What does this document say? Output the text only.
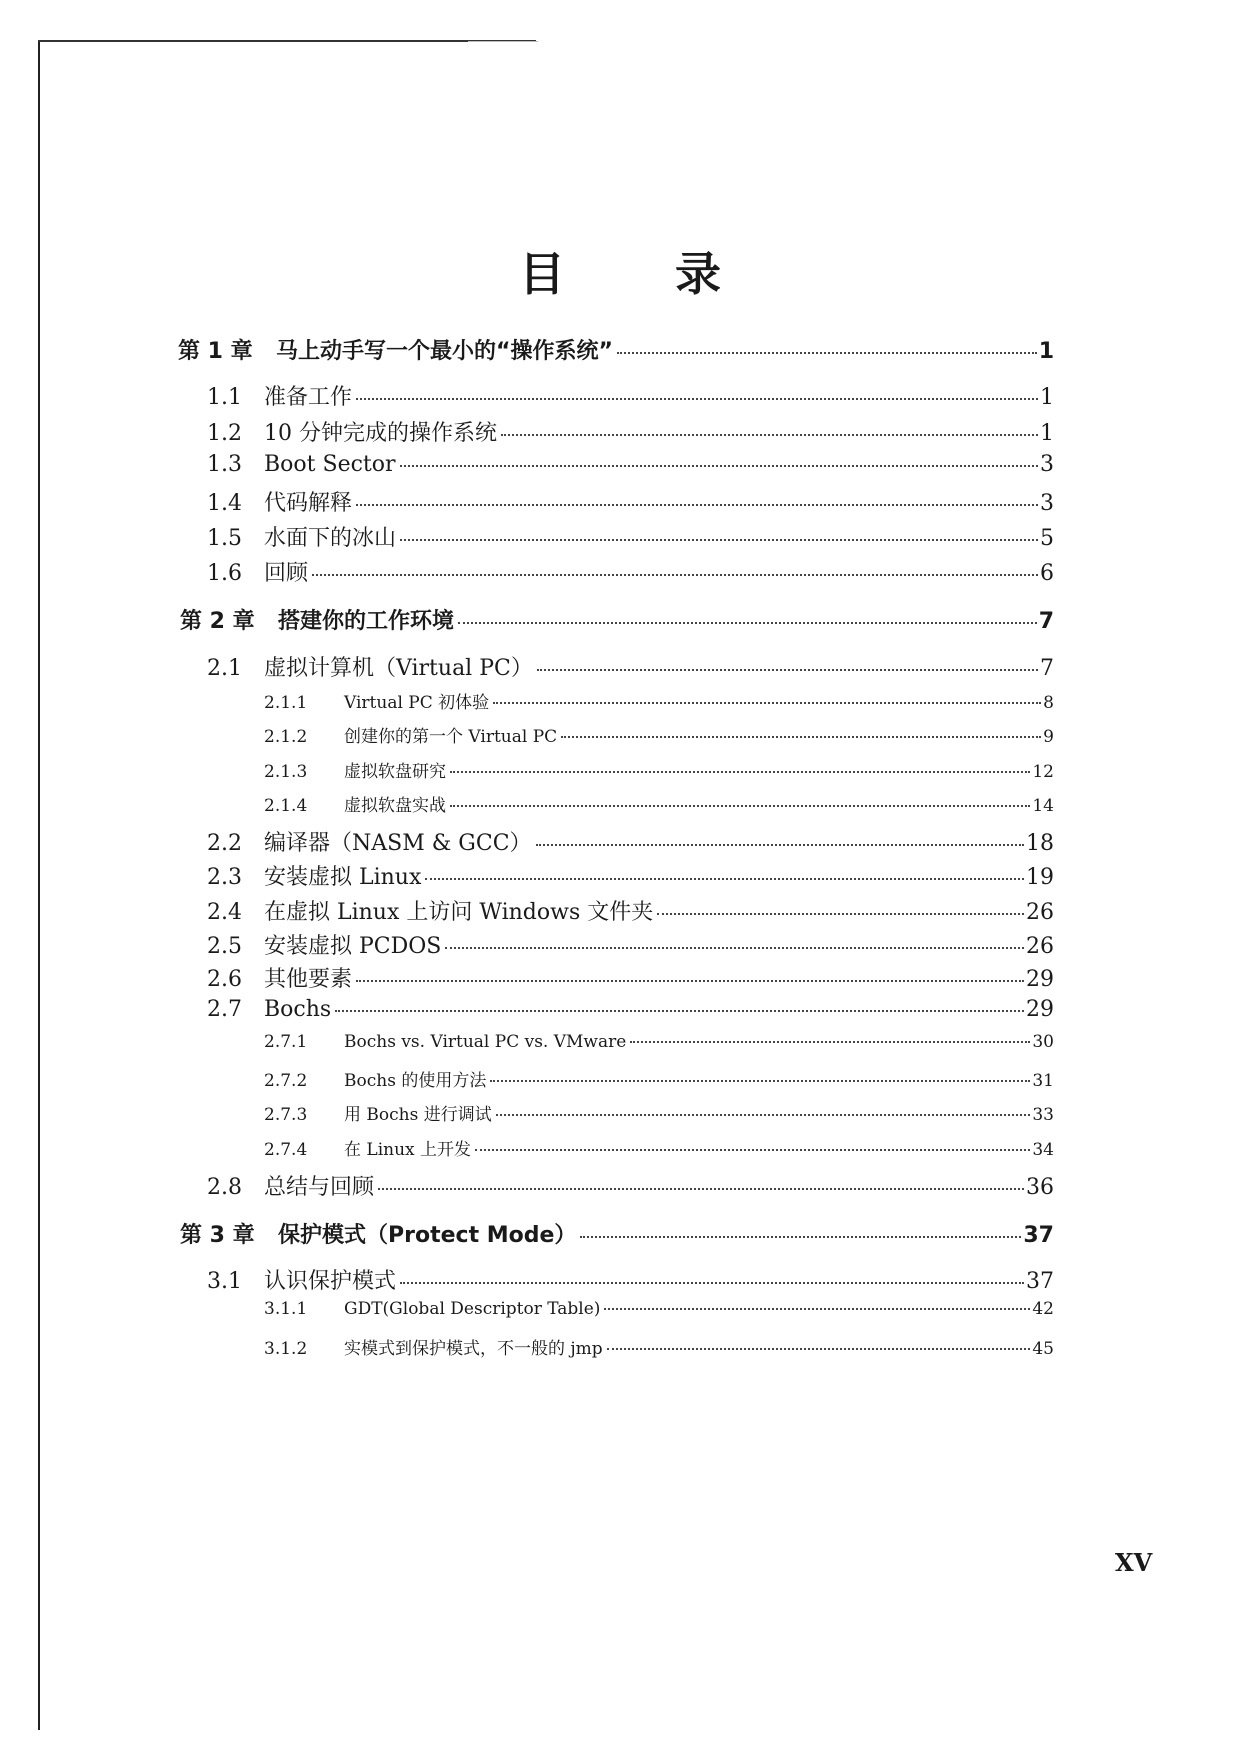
目 录
第 1 章	马上动手写一个最小的“操作系统”	1
1.1 准备工作	1
1.2 10 分钟完成的操作系统	1
1.3 Boot Sector	3
1.4 代码解释	3
1.5 水面下的冰山	5
1.6 回顾	6
第 2 章	搭建你的工作环境	7
2.1 虚拟计算机（Virtual PC）	7
2.1.1	Virtual PC 初体验	8
2.1.2	创建你的第一个 Virtual PC	9
2.1.3	虚拟软盘研究	12
2.1.4	虚拟软盘实战	14
2.2 编译器（NASM & GCC）	18
2.3 安装虚拟 Linux	19
2.4 在虚拟 Linux 上访问 Windows 文件夹	26
2.5 安装虚拟 PCDOS	26
2.6 其他要素	29
2.7 Bochs	29
2.7.1	Bochs vs. Virtual PC vs. VMware	30
2.7.2	Bochs 的使用方法	31
2.7.3	用 Bochs 进行调试	33
2.7.4	在 Linux 上开发	34
2.8 总结与回顾	36
第 3 章	保护模式（Protect Mode）	37
3.1 认识保护模式	37
3.1.1	GDT(Global Descriptor Table)	42
3.1.2	实模式到保护模式，不一般的 jmp	45
XV
